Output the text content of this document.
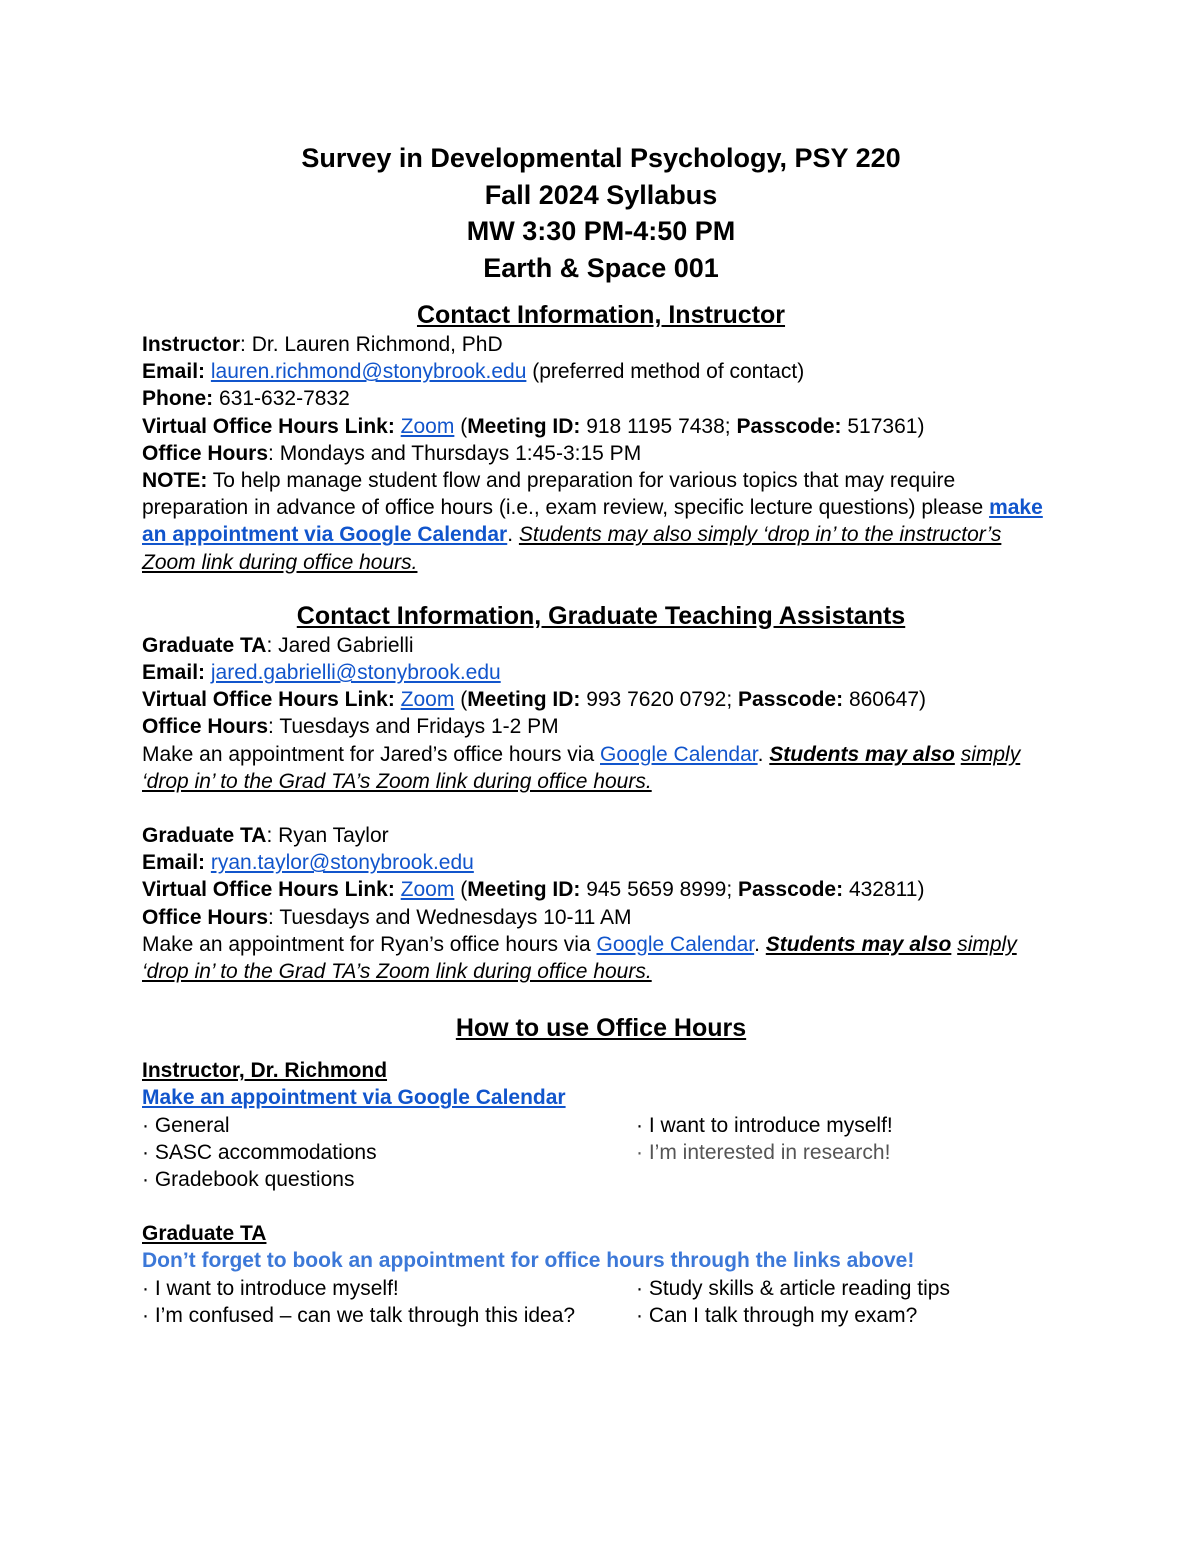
Survey in Developmental Psychology, PSY 220
Fall 2024 Syllabus
MW 3:30 PM-4:50 PM
Earth & Space 001
Contact Information, Instructor
Instructor: Dr. Lauren Richmond, PhD
Email: lauren.richmond@stonybrook.edu (preferred method of contact)
Phone: 631-632-7832
Virtual Office Hours Link: Zoom (Meeting ID: 918 1195 7438; Passcode: 517361)
Office Hours: Mondays and Thursdays 1:45-3:15 PM
NOTE: To help manage student flow and preparation for various topics that may require preparation in advance of office hours (i.e., exam review, specific lecture questions) please make an appointment via Google Calendar. Students may also simply ‘drop in’ to the instructor’s Zoom link during office hours.
Contact Information, Graduate Teaching Assistants
Graduate TA: Jared Gabrielli
Email: jared.gabrielli@stonybrook.edu
Virtual Office Hours Link: Zoom (Meeting ID: 993 7620 0792; Passcode: 860647)
Office Hours: Tuesdays and Fridays 1-2 PM
Make an appointment for Jared’s office hours via Google Calendar. Students may also simply ‘drop in’ to the Grad TA’s Zoom link during office hours.
Graduate TA: Ryan Taylor
Email: ryan.taylor@stonybrook.edu
Virtual Office Hours Link: Zoom (Meeting ID: 945 5659 8999; Passcode: 432811)
Office Hours: Tuesdays and Wednesdays 10-11 AM
Make an appointment for Ryan’s office hours via Google Calendar. Students may also simply ‘drop in’ to the Grad TA’s Zoom link during office hours.
How to use Office Hours
Instructor, Dr. Richmond
Make an appointment via Google Calendar
· General
· SASC accommodations
· Gradebook questions
· I want to introduce myself!
· I’m interested in research!
Graduate TA
Don’t forget to book an appointment for office hours through the links above!
· I want to introduce myself!
· I’m confused – can we talk through this idea?
· Study skills & article reading tips
· Can I talk through my exam?
